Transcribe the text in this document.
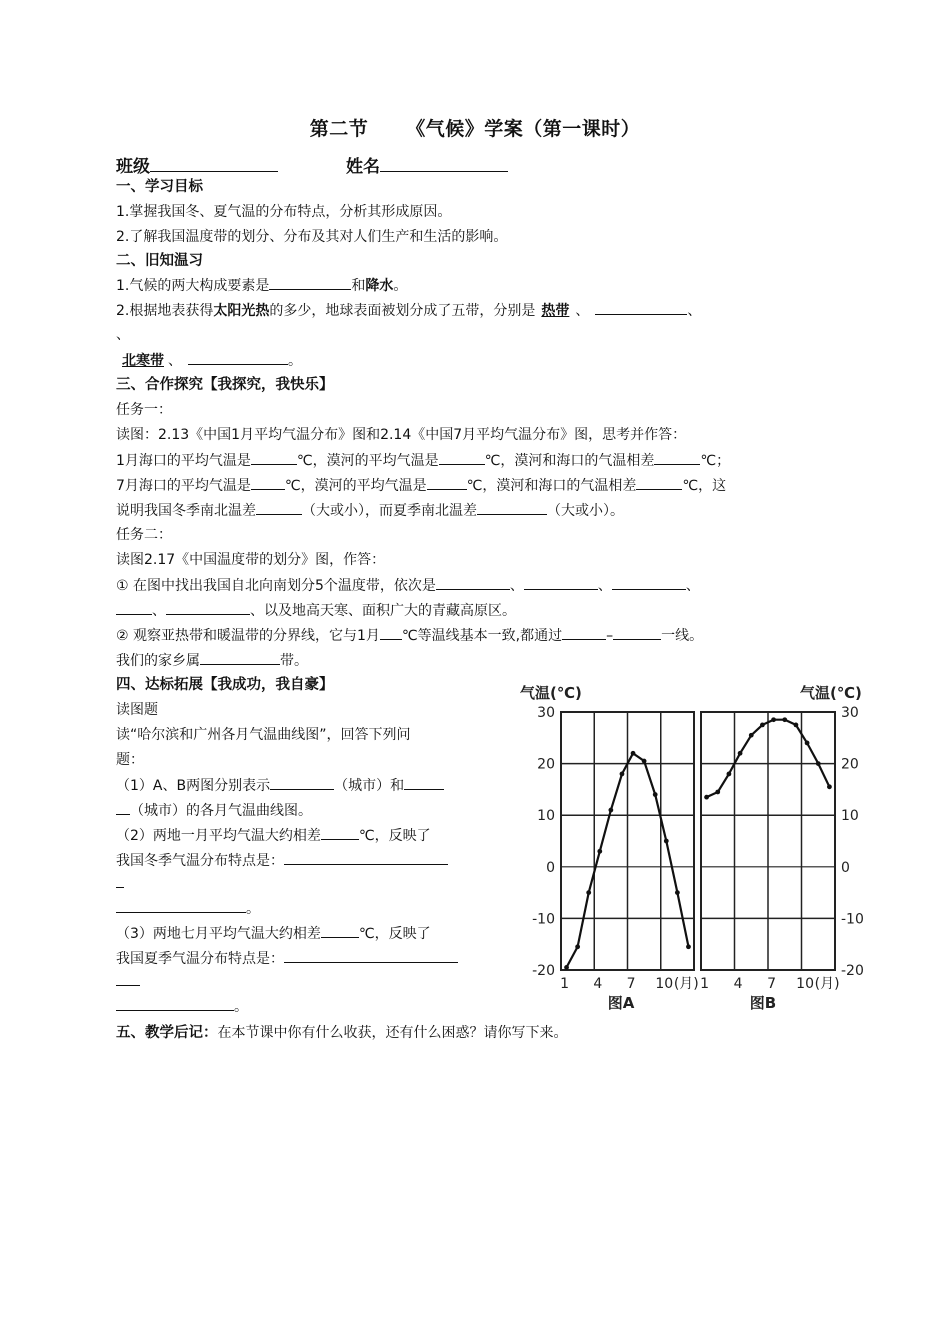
第二节 《气候》学案（第一课时）
班级	姓名
一、学习目标
1.掌握我国冬、夏气温的分布特点，分析其形成原因。
2.了解我国温度带的划分、分布及其对人们生产和生活的影响。
二、旧知温习
1.气候的两大构成要素是	和降水。
2.根据地表获得太阳光热的多少，地球表面被划分成了五带，分别是 热带 、	、
、
北寒带 、	。
三、合作探究【我探究，我快乐】
任务一：
读图：2.13《中国1月平均气温分布》图和2.14《中国7月平均气温分布》图，思考并作答：
1月海口的平均气温是	℃，漠河的平均气温是	℃，漠河和海口的气温相差	℃；
7月海口的平均气温是 ℃，漠河的平均气温是	℃，漠河和海口的气温相差	℃，这
说明我国冬季南北温差	（大或小），而夏季南北温差	（大或小）。
任务二：
读图2.17《中国温度带的划分》图，作答：
① 在图中找出我国自北向南划分5个温度带，依次是	、	、	、
、	、以及地高天寒、面积广大的青藏高原区。
② 观察亚热带和暖温带的分界线，它与1月 ℃等温线基本一致,都通过	–	一线。
我们的家乡属	带。
四、达标拓展【我成功，我自豪】
读图题
读“哈尔滨和广州各月气温曲线图”，回答下列问
题：
（1）A、B两图分别表示	（城市）和
（城市）的各月气温曲线图。
（2）两地一月平均气温大约相差	℃，反映了
我国冬季气温分布特点是：
。
（3）两地七月平均气温大约相差	℃，反映了
我国夏季气温分布特点是：
。
五、教学后记：在本节课中你有什么收获，还有什么困惑？请你写下来。
-20
-10
0
10
20
30
1 4 7 10 (月)
气温(℃)
图A
-20
-10
0
10
20
30
1 4 7 10 (月)
气温(℃)
图B
